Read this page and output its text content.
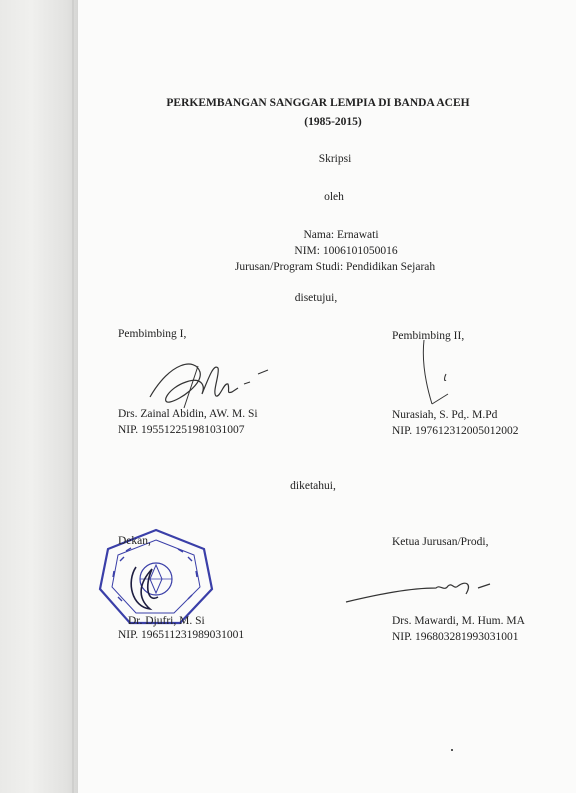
PERKEMBANGAN SANGGAR LEMPIA DI BANDA ACEH
(1985-2015)
Skripsi
oleh
Nama: Ernawati
NIM: 1006101050016
Jurusan/Program Studi: Pendidikan Sejarah
disetujui,
Pembimbing I,	Pembimbing II,
Drs. Zainal Abidin, AW. M. Si
NIP. 195512251981031007
Nurasiah, S. Pd,. M.Pd
NIP. 197612312005012002
diketahui,
Ketua Jurusan/Prodi,
Dekan,
Dr. Djufri, M. Si
NIP. 196511231989031001
Drs. Mawardi, M. Hum. MA
NIP. 196803281993031001
